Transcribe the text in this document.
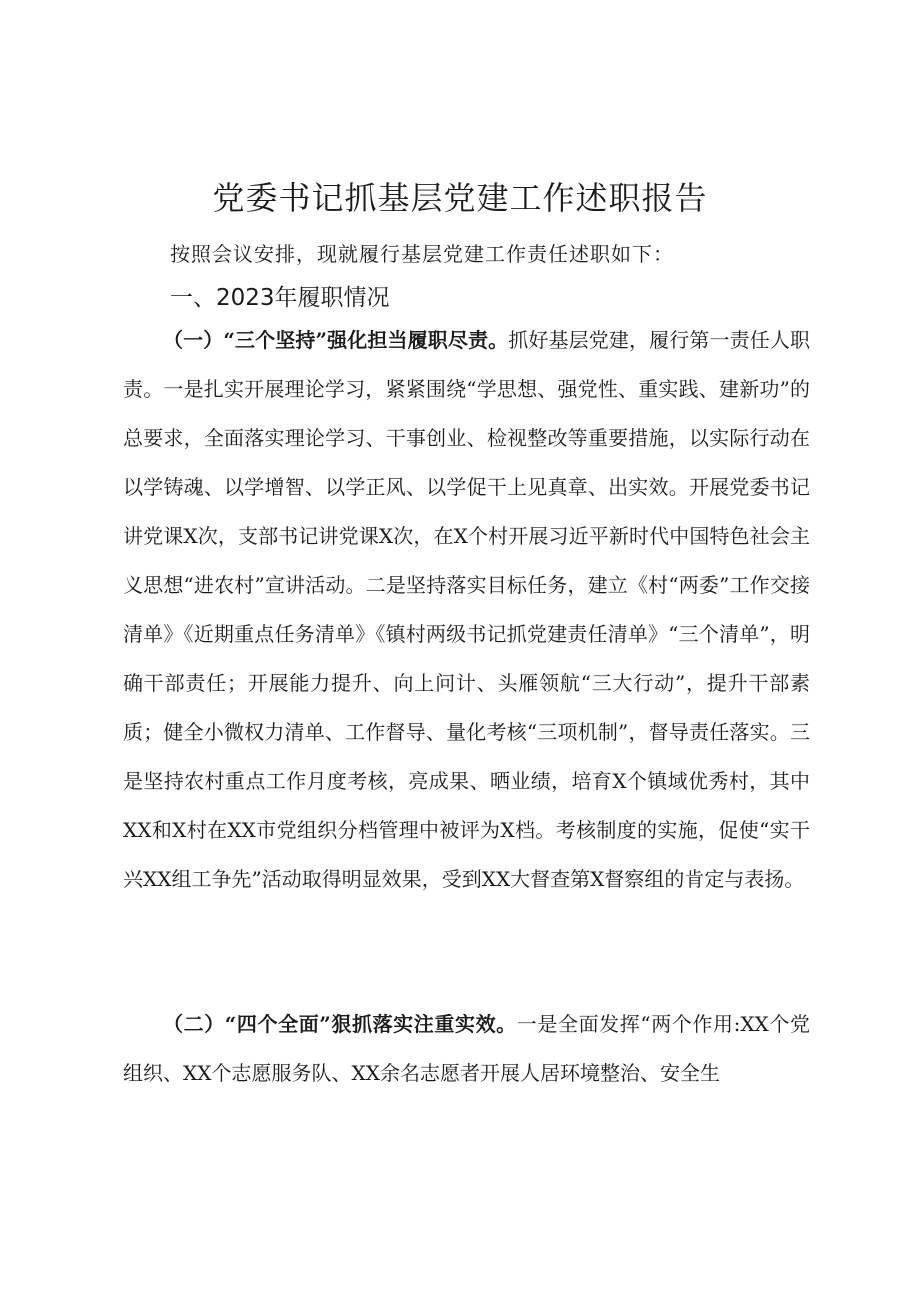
党委书记抓基层党建工作述职报告
按照会议安排，现就履行基层党建工作责任述职如下：
一、2023年履职情况
（一）“三个坚持”强化担当履职尽责。抓好基层党建，履行第一责任人职责。一是扎实开展理论学习，紧紧围绕“学思想、强党性、重实践、建新功”的总要求，全面落实理论学习、干事创业、检视整改等重要措施，以实际行动在以学铸魂、以学增智、以学正风、以学促干上见真章、出实效。开展党委书记讲党课X次，支部书记讲党课X次，在X个村开展习近平新时代中国特色社会主义思想“进农村”宣讲活动。二是坚持落实目标任务，建立《村“两委”工作交接清单》《近期重点任务清单》《镇村两级书记抓党建责任清单》“三个清单”，明确干部责任；开展能力提升、向上问计、头雁领航“三大行动”，提升干部素质；健全小微权力清单、工作督导、量化考核“三项机制”，督导责任落实。三是坚持农村重点工作月度考核，亮成果、晒业绩，培育X个镇域优秀村，其中XX和X村在XX市党组织分档管理中被评为X档。考核制度的实施，促使“实干兴XX组工争先”活动取得明显效果，受到XX大督查第X督察组的肯定与表扬。
（二）“四个全面”狠抓落实注重实效。一是全面发挥“两个作用:XX个党组织、XX个志愿服务队、XX余名志愿者开展人居环境整治、安全生
